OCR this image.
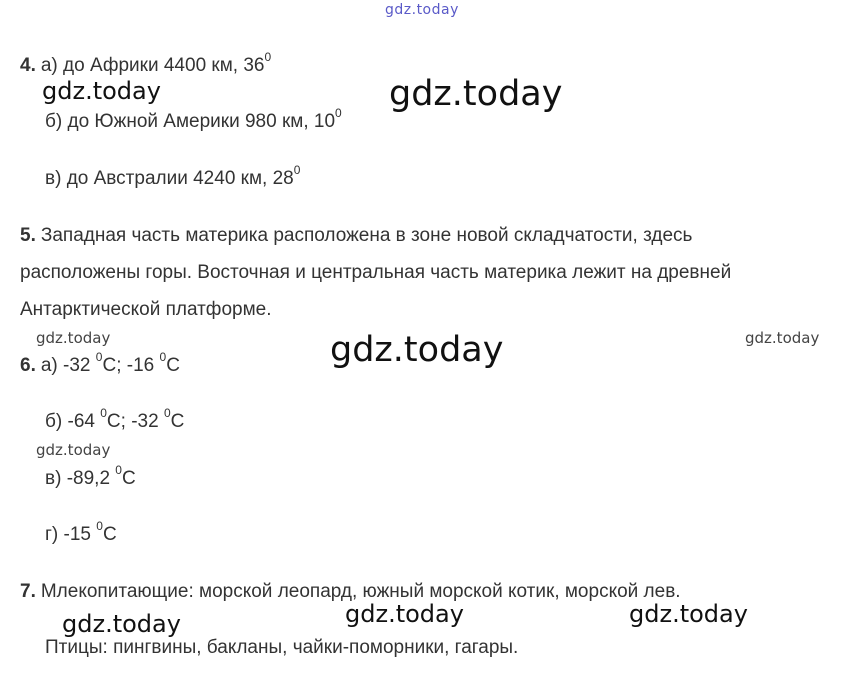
gdz.today
gdz.today	gdz.today
gdz.today	gdz.today	gdz.today
gdz.today
gdz.today	gdz.today
gdz.today
4. а) до Африки 4400 км, $36^0$
б) до Южной Америки 980 км, $10^0$
в) до Австралии 4240 км, $28^0$
5. Западная часть материка расположена в зоне новой складчатости, здесь
расположены горы. Восточная и центральная часть материка лежит на древней
Антарктической платформе.
6. а) -32 $^0$C; -16 $^0$C
б) -64 $^0$C; -32 $^0$C
в) -89,2 $^0$C
г) -15 $^0$C
7. Млекопитающие: морской леопард, южный морской котик, морской лев.
Птицы: пингвины, бакланы, чайки-поморники, гагары.
